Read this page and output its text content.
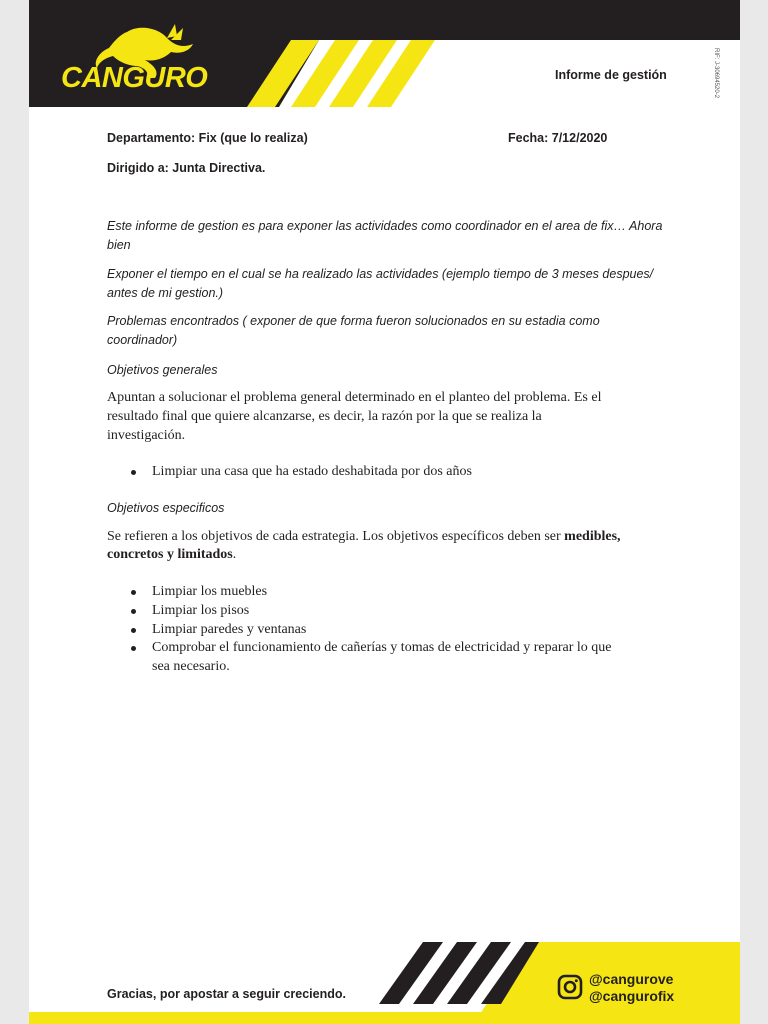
CANGURO	Informe de gestión	RIF: J-30694520-2
Departamento: Fix (que lo realiza)	Fecha: 7/12/2020
Dirigido a: Junta Directiva.
Este informe de gestion es para exponer las actividades como coordinador en el area de fix… Ahora
bien
Exponer el tiempo en el cual se ha realizado las actividades (ejemplo tiempo de 3 meses despues/
antes de mi gestion.)
Problemas encontrados ( exponer de que forma fueron solucionados en su estadia como
coordinador)
Objetivos generales
Apuntan a solucionar el problema general determinado en el planteo del problema. Es el
resultado final que quiere alcanzarse, es decir, la razón por la que se realiza la
investigación.
Limpiar una casa que ha estado deshabitada por dos años
Objetivos especificos
Se refieren a los objetivos de cada estrategia. Los objetivos específicos deben ser medibles,
concretos y limitados.
Limpiar los muebles
Limpiar los pisos
Limpiar paredes y ventanas
Comprobar el funcionamiento de cañerías y tomas de electricidad y reparar lo que
sea necesario.
Gracias, por apostar a seguir creciendo.
@cangurove
@cangurofix
